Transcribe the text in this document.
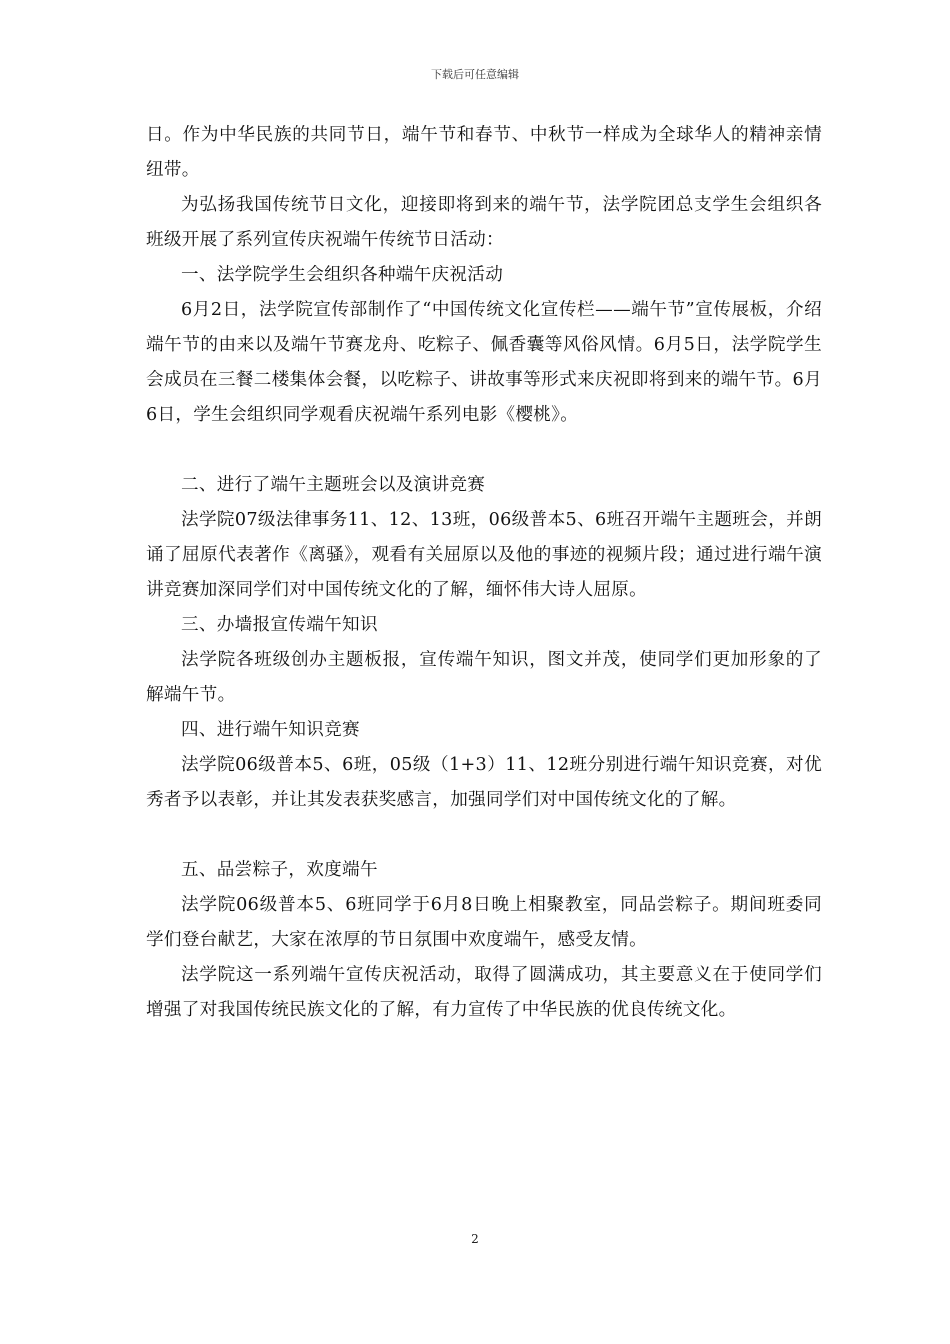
下载后可任意编辑

日。作为中华民族的共同节日，端午节和春节、中秋节一样成为全球华人的精神亲情纽带。

为弘扬我国传统节日文化，迎接即将到来的端午节，法学院团总支学生会组织各班级开展了系列宣传庆祝端午传统节日活动：

一、法学院学生会组织各种端午庆祝活动

6月2日，法学院宣传部制作了“中国传统文化宣传栏——端午节”宣传展板，介绍端午节的由来以及端午节赛龙舟、吃粽子、佩香囊等风俗风情。6月5日，法学院学生会成员在三餐二楼集体会餐，以吃粽子、讲故事等形式来庆祝即将到来的端午节。6月6日，学生会组织同学观看庆祝端午系列电影《樱桃》。

二、进行了端午主题班会以及演讲竞赛

法学院07级法律事务11、12、13班，06级普本5、6班召开端午主题班会，并朗诵了屈原代表著作《离骚》，观看有关屈原以及他的事迹的视频片段；通过进行端午演讲竞赛加深同学们对中国传统文化的了解，缅怀伟大诗人屈原。

三、办墙报宣传端午知识

法学院各班级创办主题板报，宣传端午知识，图文并茂，使同学们更加形象的了解端午节。

四、进行端午知识竞赛

法学院06级普本5、6班，05级（1+3）11、12班分别进行端午知识竞赛，对优秀者予以表彰，并让其发表获奖感言，加强同学们对中国传统文化的了解。

五、品尝粽子，欢度端午

法学院06级普本5、6班同学于6月8日晚上相聚教室，同品尝粽子。期间班委同学们登台献艺，大家在浓厚的节日氛围中欢度端午，感受友情。

法学院这一系列端午宣传庆祝活动，取得了圆满成功，其主要意义在于使同学们增强了对我国传统民族文化的了解，有力宣传了中华民族的优良传统文化。

2
